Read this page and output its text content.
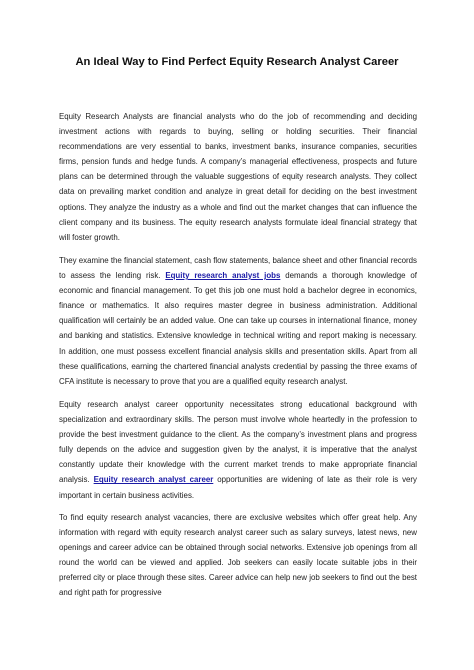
An Ideal Way to Find Perfect Equity Research Analyst Career

Equity Research Analysts are financial analysts who do the job of recommending and deciding investment actions with regards to buying, selling or holding securities. Their financial recommendations are very essential to banks, investment banks, insurance companies, securities firms, pension funds and hedge funds. A company’s managerial effectiveness, prospects and future plans can be determined through the valuable suggestions of equity research analysts. They collect data on prevailing market condition and analyze in great detail for deciding on the best investment options. They analyze the industry as a whole and find out the market changes that can influence the client company and its business. The equity research analysts formulate ideal financial strategy that will foster growth.

They examine the financial statement, cash flow statements, balance sheet and other financial records to assess the lending risk. Equity research analyst jobs demands a thorough knowledge of economic and financial management. To get this job one must hold a bachelor degree in economics, finance or mathematics. It also requires master degree in business administration. Additional qualification will certainly be an added value. One can take up courses in international finance, money and banking and statistics. Extensive knowledge in technical writing and report making is necessary. In addition, one must possess excellent financial analysis skills and presentation skills. Apart from all these qualifications, earning the chartered financial analysts credential by passing the three exams of CFA institute is necessary to prove that you are a qualified equity research analyst.

Equity research analyst career opportunity necessitates strong educational background with specialization and extraordinary skills. The person must involve whole heartedly in the profession to provide the best investment guidance to the client. As the company’s investment plans and progress fully depends on the advice and suggestion given by the analyst, it is imperative that the analyst constantly update their knowledge with the current market trends to make appropriate financial analysis. Equity research analyst career opportunities are widening of late as their role is very important in certain business activities.

To find equity research analyst vacancies, there are exclusive websites which offer great help. Any information with regard with equity research analyst career such as salary surveys, latest news, new openings and career advice can be obtained through social networks. Extensive job openings from all round the world can be viewed and applied. Job seekers can easily locate suitable jobs in their preferred city or place through these sites. Career advice can help new job seekers to find out the best and right path for progressive
